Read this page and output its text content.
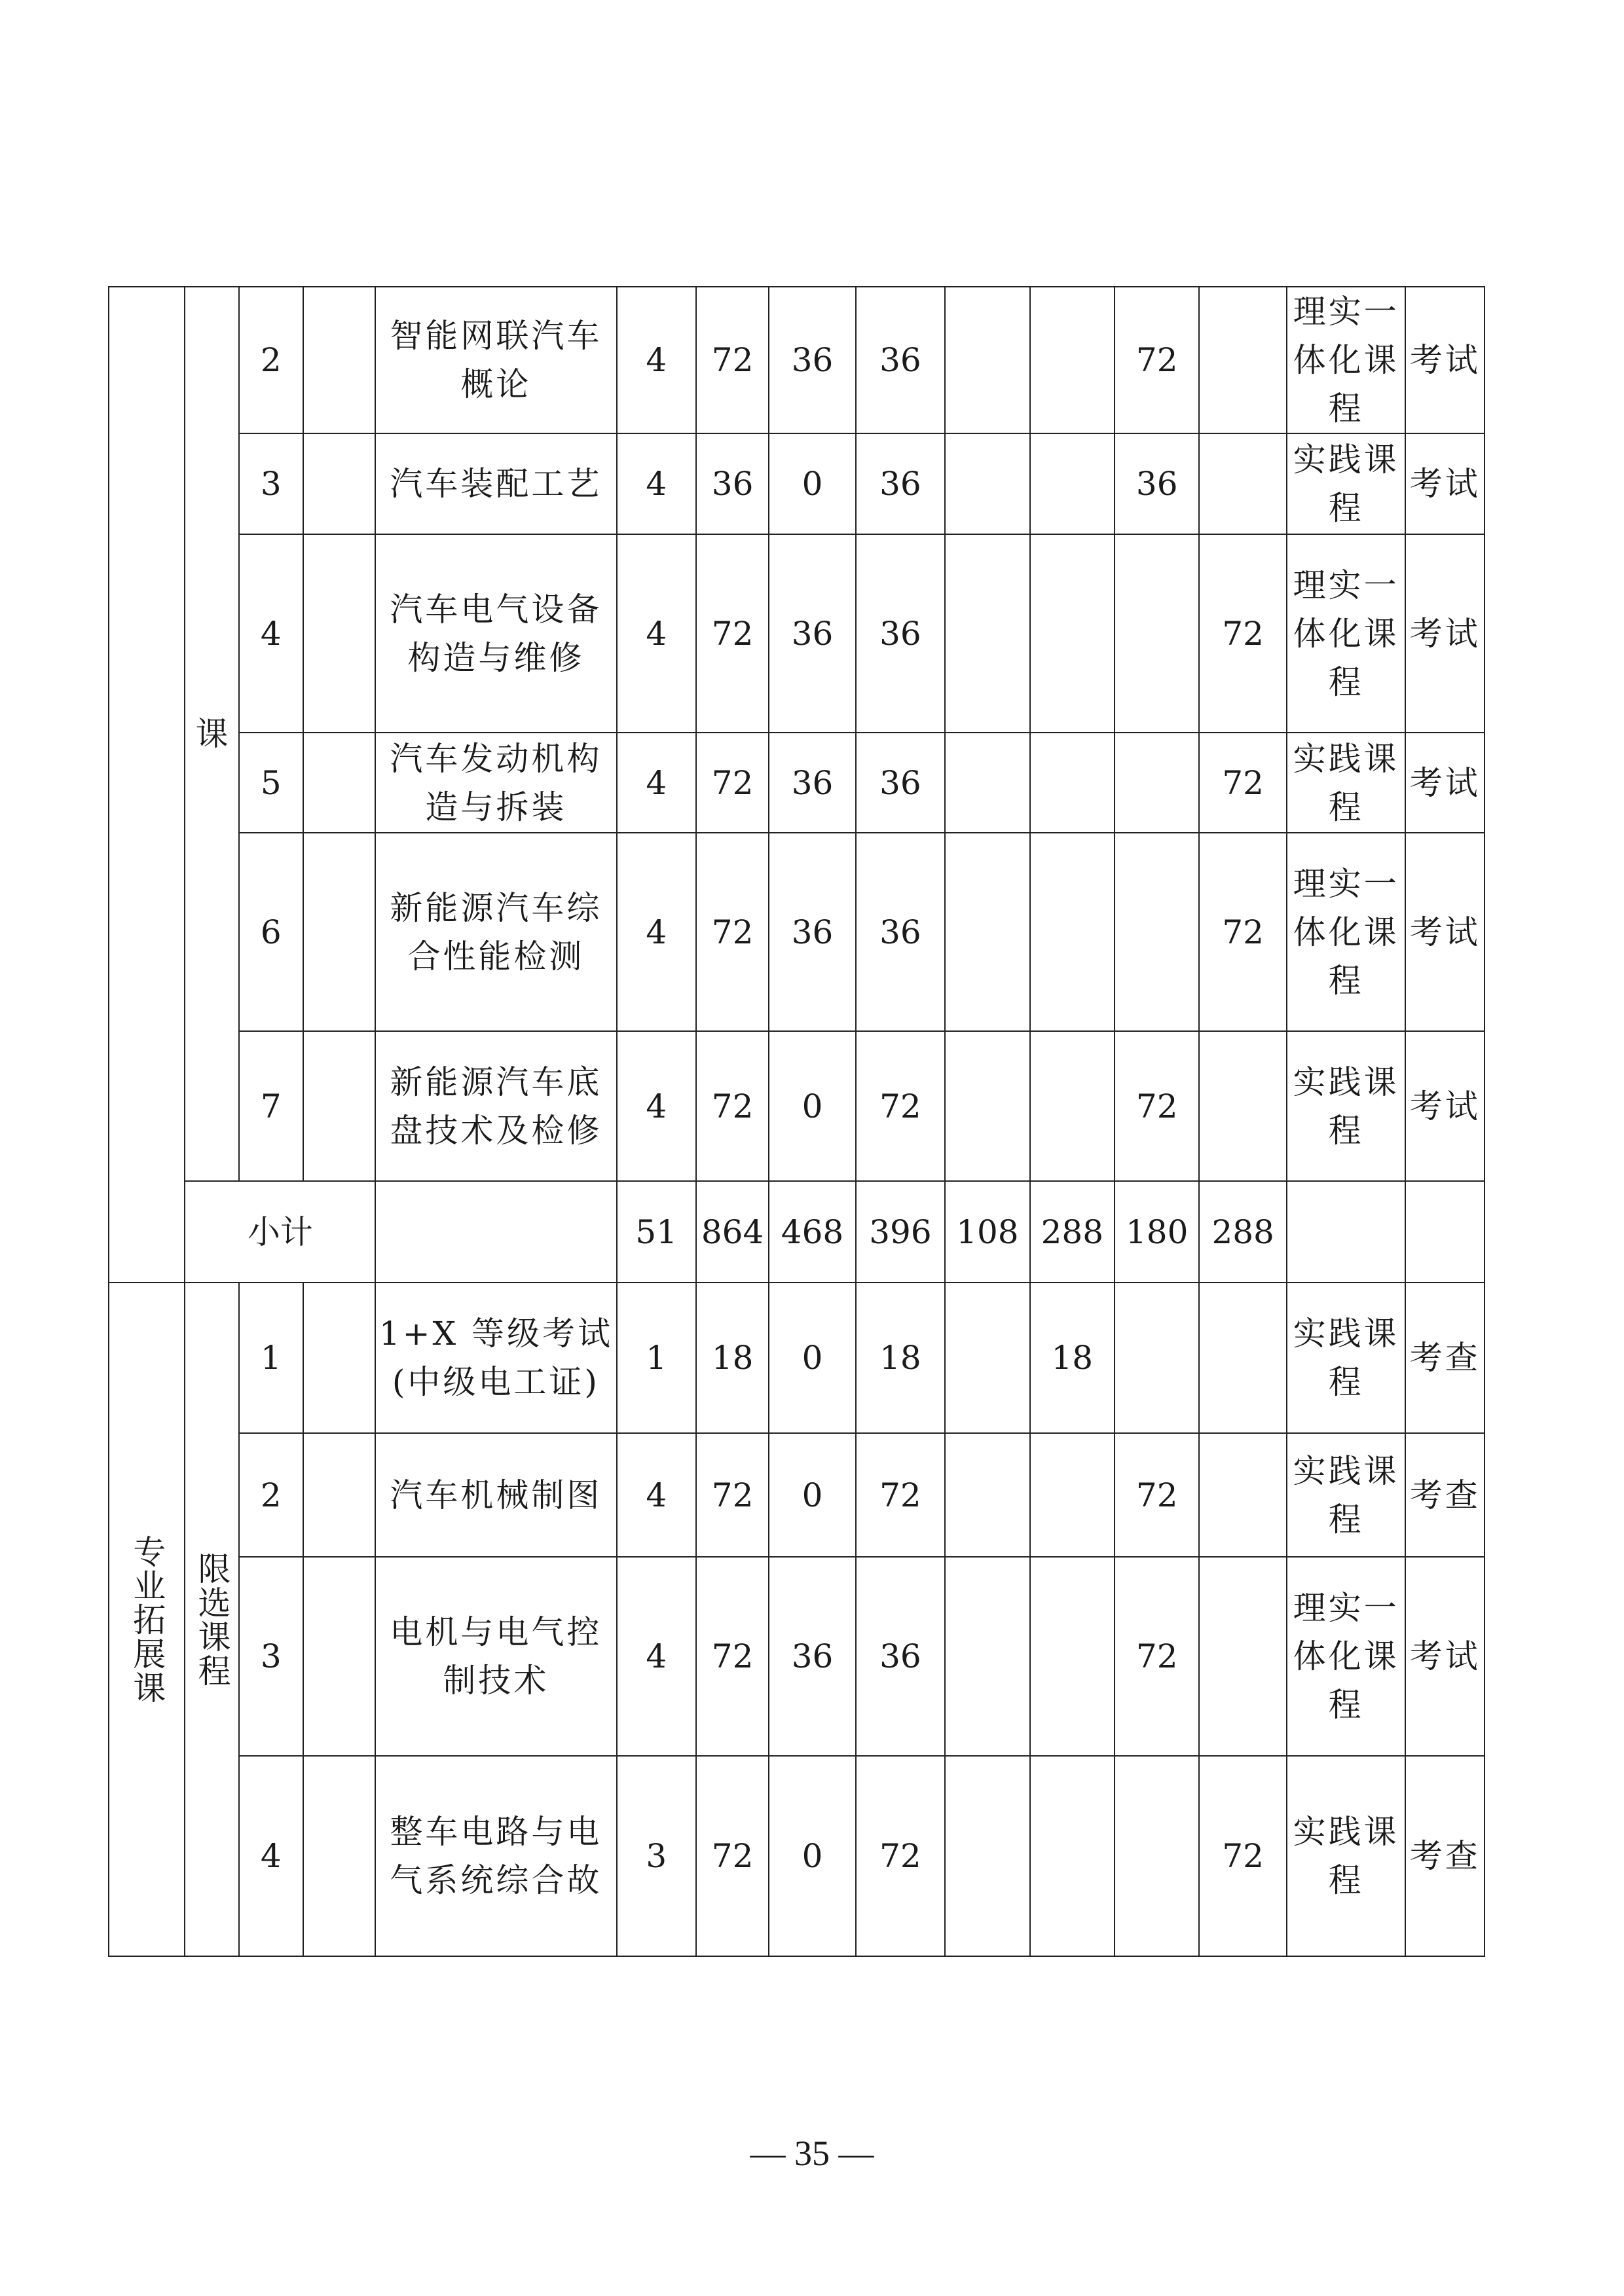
	课	2		智能网联汽车概论	4	72	36	36			72		理实一体化课程	考试
		3		汽车装配工艺	4	36	0	36			36		实践课程	考试
		4		汽车电气设备构造与维修	4	72	36	36				72	理实一体化课程	考试
		5		汽车发动机构造与拆装	4	72	36	36				72	实践课程	考试
		6		新能源汽车综合性能检测	4	72	36	36				72	理实一体化课程	考试
		7		新能源汽车底盘技术及检修	4	72	0	72			72		实践课程	考试
	小计				51	864	468	396	108	288	180	288		
专业拓展课	限选课程	1		1+X 等级考试(中级电工证)	1	18	0	18		18			实践课程	考查
		2		汽车机械制图	4	72	0	72			72		实践课程	考查
		3		电机与电气控制技术	4	72	36	36			72		理实一体化课程	考试
		4		整车电路与电气系统综合故	3	72	0	72				72	实践课程	考查
— 35 —
